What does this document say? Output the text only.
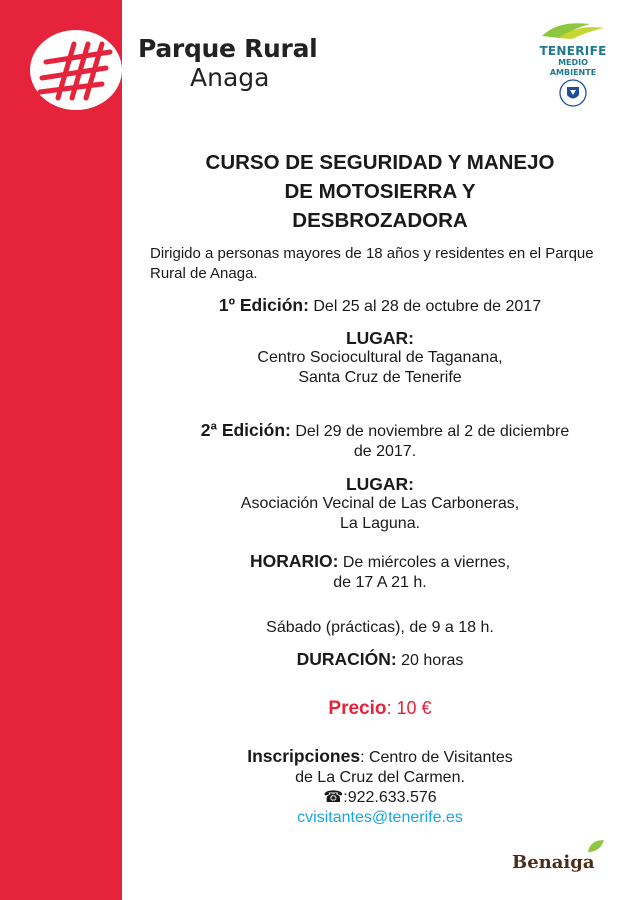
Parque Rural
Anaga
TENERIFE
MEDIO AMBIENTE
CURSO DE SEGURIDAD Y MANEJO
DE MOTOSIERRA Y
DESBROZADORA
Dirigido a personas mayores de 18 años y residentes en el Parque Rural de Anaga.
1º Edición: Del 25 al 28 de octubre de 2017
LUGAR:
Centro Sociocultural de Taganana,
Santa Cruz de Tenerife
2ª Edición: Del 29 de noviembre al 2 de diciembre
de 2017.
LUGAR:
Asociación Vecinal de Las Carboneras,
La Laguna.
HORARIO: De miércoles a viernes,
de 17 A 21 h.
Sábado (prácticas), de 9 a 18 h.
DURACIÓN: 20 horas
Precio: 10 €
Inscripciones: Centro de Visitantes
de La Cruz del Carmen.
☎:922.633.576
cvisitantes@tenerife.es
Benaiga
